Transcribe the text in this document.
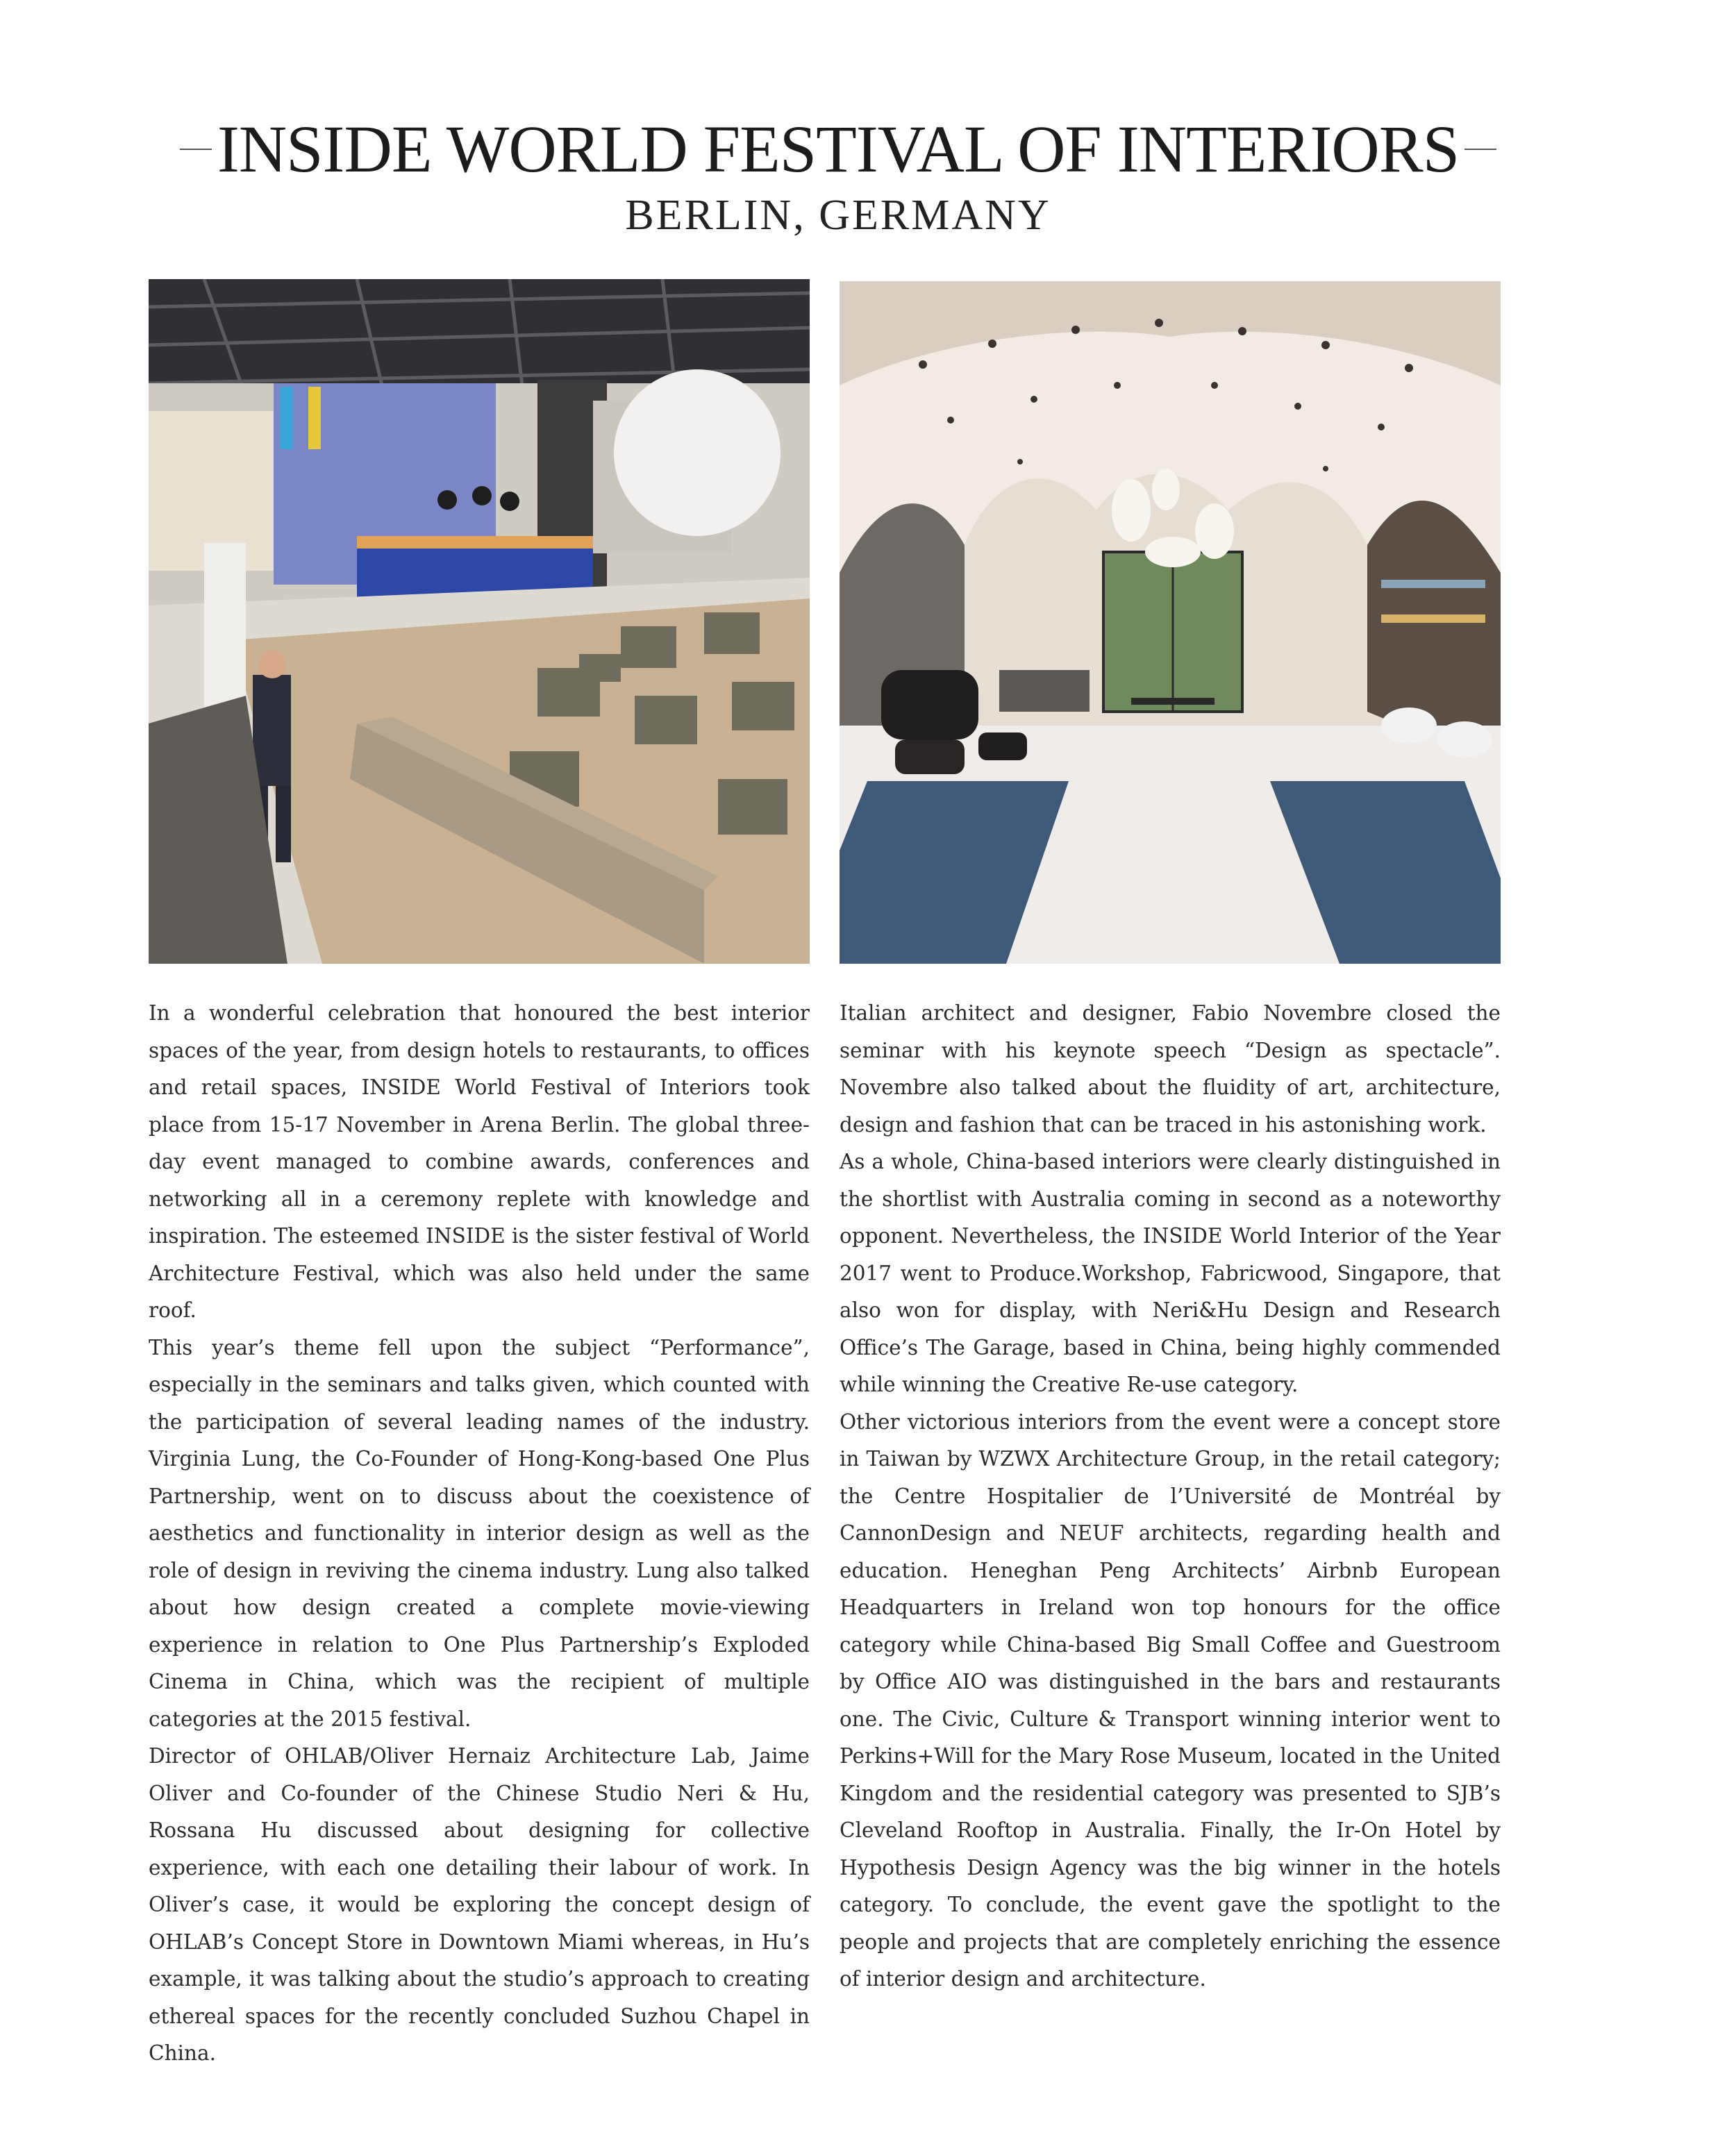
INSIDE WORLD FESTIVAL OF INTERIORS
BERLIN, GERMANY

In a wonderful celebration that honoured the best interior spaces of the year, from design hotels to restaurants, to offices and retail spaces, INSIDE World Festival of Interiors took place from 15-17 November in Arena Berlin. The global three-day event managed to combine awards, conferences and networking all in a ceremony replete with knowledge and inspiration. The esteemed INSIDE is the sister festival of World Architecture Festival, which was also held under the same roof.

This year’s theme fell upon the subject “Performance”, especially in the seminars and talks given, which counted with the participation of several leading names of the industry. Virginia Lung, the Co-Founder of Hong-Kong-based One Plus Partnership, went on to discuss about the coexistence of aesthetics and functionality in interior design as well as the role of design in reviving the cinema industry. Lung also talked about how design created a complete movie-viewing experience in relation to One Plus Partnership’s Exploded Cinema in China, which was the recipient of multiple categories at the 2015 festival.

Director of OHLAB/Oliver Hernaiz Architecture Lab, Jaime Oliver and Co-founder of the Chinese Studio Neri & Hu, Rossana Hu discussed about designing for collective experience, with each one detailing their labour of work. In Oliver’s case, it would be exploring the concept design of OHLAB’s Concept Store in Downtown Miami whereas, in Hu’s example, it was talking about the studio’s approach to creating ethereal spaces for the recently concluded Suzhou Chapel in China.

Italian architect and designer, Fabio Novembre closed the seminar with his keynote speech “Design as spectacle”. Novembre also talked about the fluidity of art, architecture, design and fashion that can be traced in his astonishing work.

As a whole, China-based interiors were clearly distinguished in the shortlist with Australia coming in second as a noteworthy opponent. Nevertheless, the INSIDE World Interior of the Year 2017 went to Produce.Workshop, Fabricwood, Singapore, that also won for display, with Neri&Hu Design and Research Office’s The Garage, based in China, being highly commended while winning the Creative Re-use category.

Other victorious interiors from the event were a concept store in Taiwan by WZWX Architecture Group, in the retail category; the Centre Hospitalier de l’Université de Montréal by CannonDesign and NEUF architects, regarding health and education. Heneghan Peng Architects’ Airbnb European Headquarters in Ireland won top honours for the office category while China-based Big Small Coffee and Guestroom by Office AIO was distinguished in the bars and restaurants one. The Civic, Culture & Transport winning interior went to Perkins+Will for the Mary Rose Museum, located in the United Kingdom and the residential category was presented to SJB’s Cleveland Rooftop in Australia. Finally, the Ir-On Hotel by Hypothesis Design Agency was the big winner in the hotels category. To conclude, the event gave the spotlight to the people and projects that are completely enriching the essence of interior design and architecture.
